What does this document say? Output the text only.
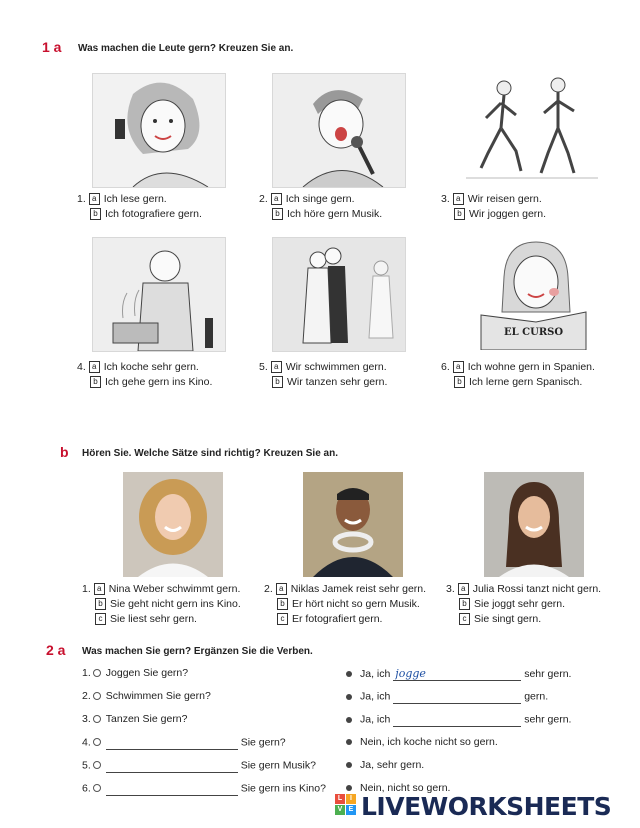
1 a Was machen die Leute gern? Kreuzen Sie an.
1. a Ich lese gern.
b Ich fotografiere gern.
2. a Ich singe gern.
b Ich höre gern Musik.
3. a Wir reisen gern.
b Wir joggen gern.
EL CURSO
4. a Ich koche sehr gern.
b Ich gehe gern ins Kino.
5. a Wir schwimmen gern.
b Wir tanzen sehr gern.
6. a Ich wohne gern in Spanien.
b Ich lerne gern Spanisch.
b Hören Sie. Welche Sätze sind richtig? Kreuzen Sie an.
1. a Nina Weber schwimmt gern.
b Sie geht nicht gern ins Kino.
c Sie liest sehr gern.
2. a Niklas Jamek reist sehr gern.
b Er hört nicht so gern Musik.
c Er fotografiert gern.
3. a Julia Rossi tanzt nicht gern.
b Sie joggt sehr gern.
c Sie singt gern.
2 a Was machen Sie gern? Ergänzen Sie die Verben.
1. Joggen Sie gern?	Ja, ich jogge	sehr gern.
2. Schwimmen Sie gern?	Ja, ich	gern.
3. Tanzen Sie gern?	Ja, ich	sehr gern.
4.	Sie gern?	Nein, ich koche nicht so gern.
5.	Sie gern Musik?	Ja, sehr gern.
6.	Sie gern ins Kino?	Nein, nicht so gern.
L	I
V E LIVEWORKSHEETS
